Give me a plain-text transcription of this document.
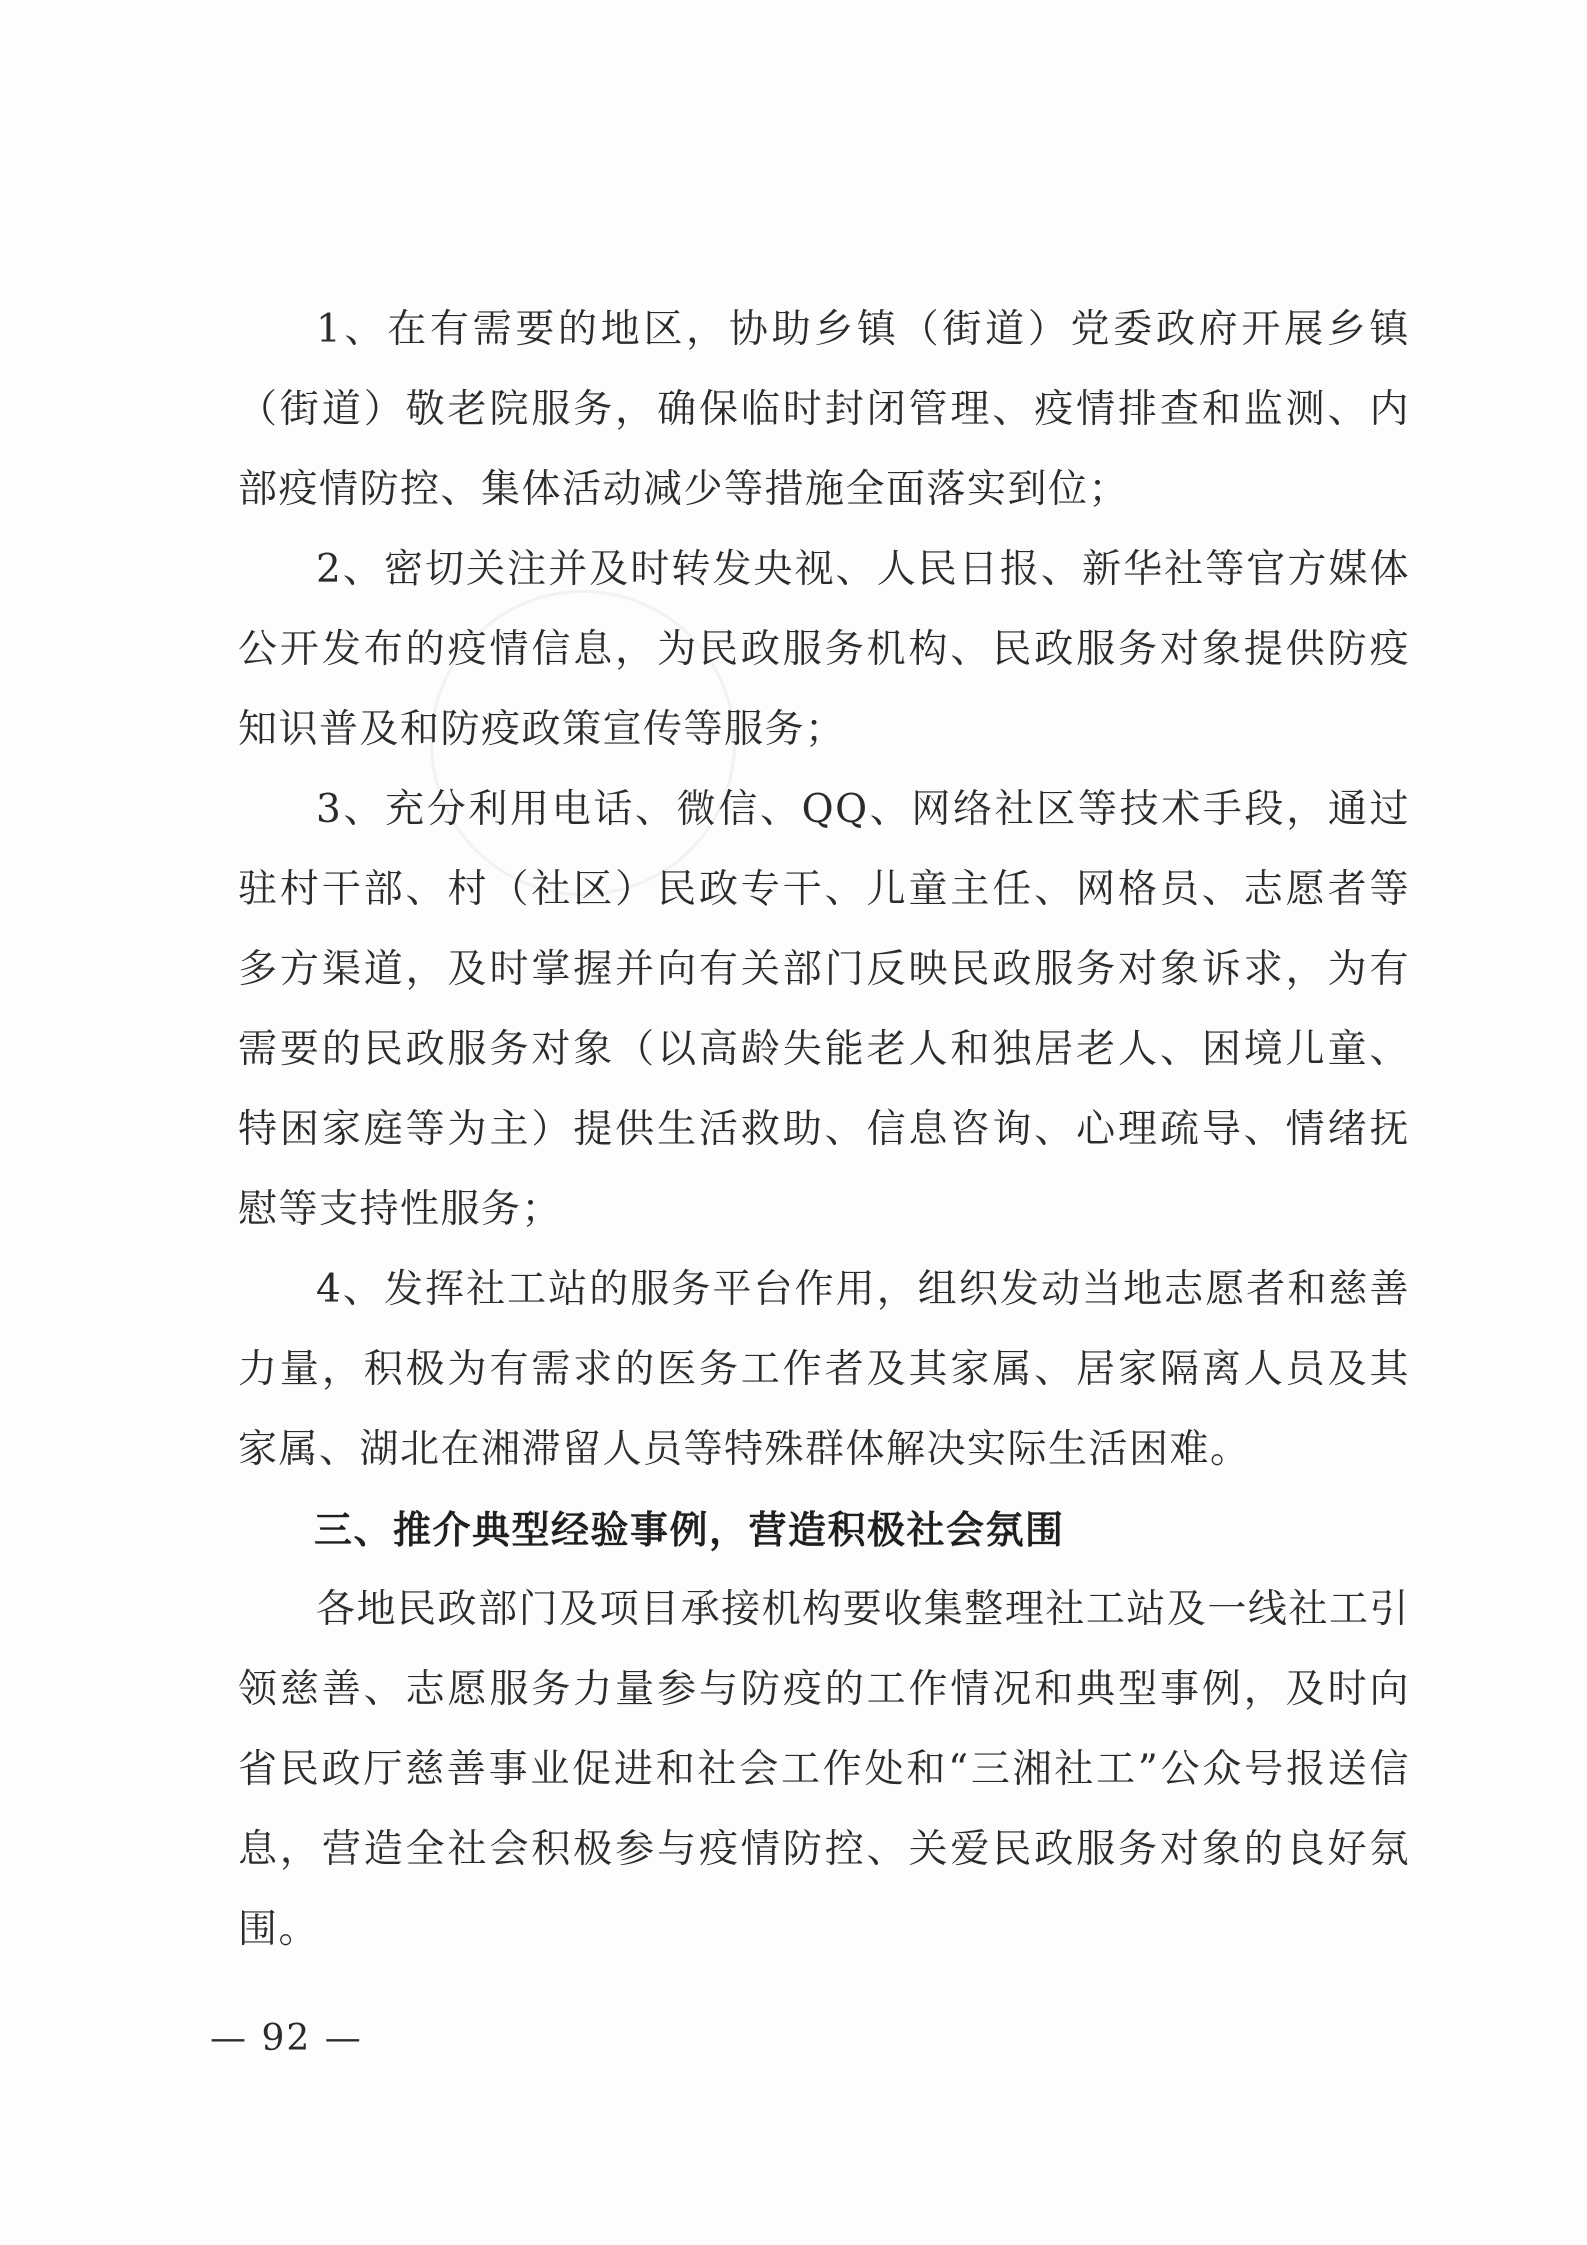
1、在有需要的地区，协助乡镇（街道）党委政府开展乡镇（街道）敬老院服务，确保临时封闭管理、疫情排查和监测、内部疫情防控、集体活动减少等措施全面落实到位；

2、密切关注并及时转发央视、人民日报、新华社等官方媒体公开发布的疫情信息，为民政服务机构、民政服务对象提供防疫知识普及和防疫政策宣传等服务；

3、充分利用电话、微信、QQ、网络社区等技术手段，通过驻村干部、村（社区）民政专干、儿童主任、网格员、志愿者等多方渠道，及时掌握并向有关部门反映民政服务对象诉求，为有需要的民政服务对象（以高龄失能老人和独居老人、困境儿童、特困家庭等为主）提供生活救助、信息咨询、心理疏导、情绪抚慰等支持性服务；

4、发挥社工站的服务平台作用，组织发动当地志愿者和慈善力量，积极为有需求的医务工作者及其家属、居家隔离人员及其家属、湖北在湘滞留人员等特殊群体解决实际生活困难。

三、推介典型经验事例，营造积极社会氛围

各地民政部门及项目承接机构要收集整理社工站及一线社工引领慈善、志愿服务力量参与防疫的工作情况和典型事例，及时向省民政厅慈善事业促进和社会工作处和“三湘社工”公众号报送信息，营造全社会积极参与疫情防控、关爱民政服务对象的良好氛围。

— 92 —
